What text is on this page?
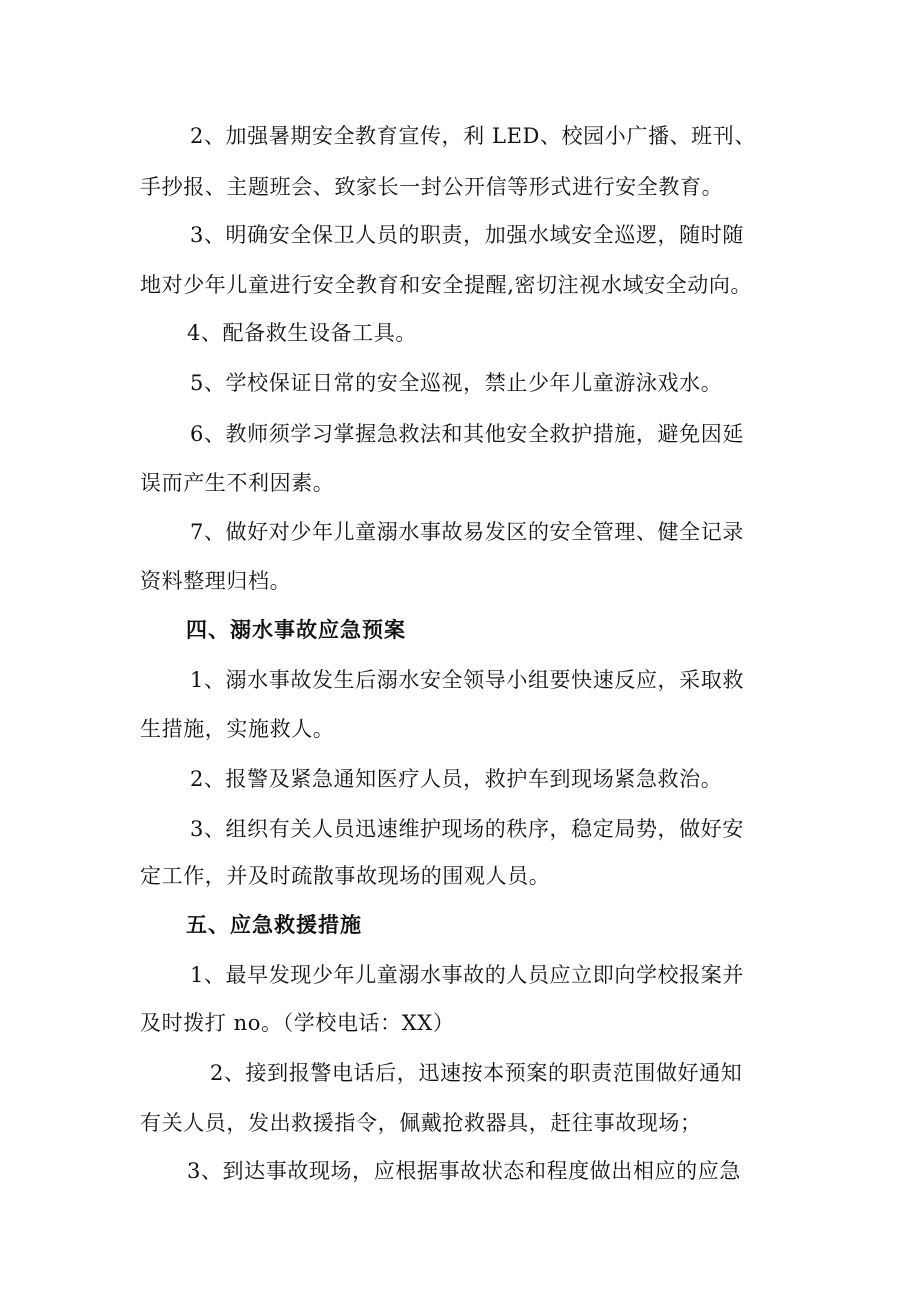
2、加强暑期安全教育宣传，利 LED、校园小广播、班刊、
手抄报、主题班会、致家长一封公开信等形式进行安全教育。
3、明确安全保卫人员的职责，加强水域安全巡逻，随时随
地对少年儿童进行安全教育和安全提醒,密切注视水域安全动向。
4、配备救生设备工具。
5、学校保证日常的安全巡视，禁止少年儿童游泳戏水。
6、教师须学习掌握急救法和其他安全救护措施，避免因延
误而产生不利因素。
7、做好对少年儿童溺水事故易发区的安全管理、健全记录
资料整理归档。
四、溺水事故应急预案
1、溺水事故发生后溺水安全领导小组要快速反应，采取救
生措施，实施救人。
2、报警及紧急通知医疗人员，救护车到现场紧急救治。
3、组织有关人员迅速维护现场的秩序，稳定局势，做好安
定工作，并及时疏散事故现场的围观人员。
五、应急救援措施
1、最早发现少年儿童溺水事故的人员应立即向学校报案并
及时拨打 no。（学校电话：XX）
2、接到报警电话后，迅速按本预案的职责范围做好通知
有关人员，发出救援指令，佩戴抢救器具，赶往事故现场；
3、到达事故现场，应根据事故状态和程度做出相应的应急
